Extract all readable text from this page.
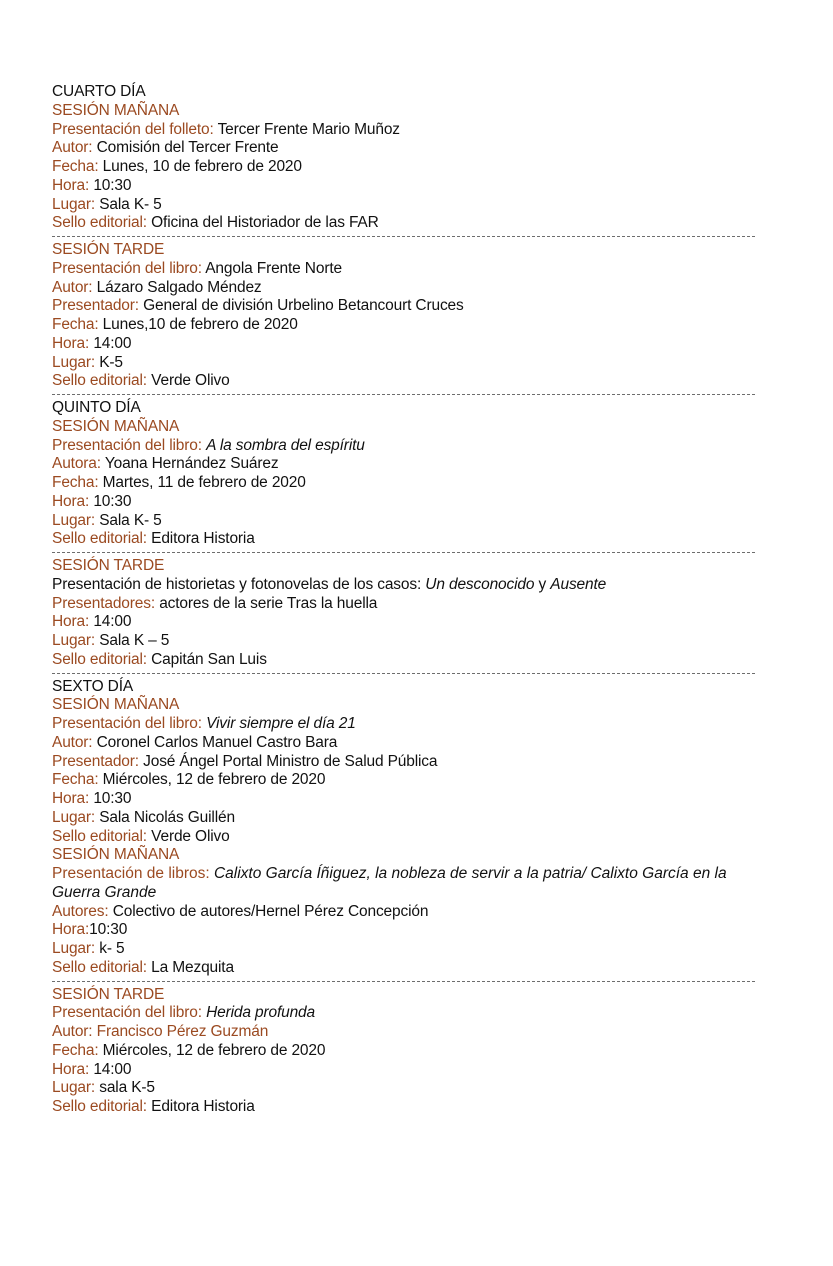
CUARTO DÍA
SESIÓN MAÑANA
Presentación del folleto: Tercer Frente Mario Muñoz
Autor: Comisión del Tercer Frente
Fecha: Lunes, 10 de febrero de 2020
Hora: 10:30
Lugar: Sala K- 5
Sello editorial: Oficina del Historiador de las FAR
SESIÓN TARDE
Presentación del libro: Angola Frente Norte
Autor: Lázaro Salgado Méndez
Presentador: General de división Urbelino Betancourt Cruces
Fecha: Lunes,10 de febrero de 2020
Hora: 14:00
Lugar: K-5
Sello editorial: Verde Olivo
QUINTO DÍA
SESIÓN MAÑANA
Presentación del libro: A la sombra del espíritu
Autora: Yoana Hernández Suárez
Fecha: Martes, 11 de febrero de 2020
Hora: 10:30
Lugar: Sala K- 5
Sello editorial: Editora Historia
SESIÓN TARDE
Presentación de historietas y fotonovelas de los casos: Un desconocido y Ausente
Presentadores: actores de la serie Tras la huella
Hora: 14:00
Lugar: Sala K – 5
Sello editorial: Capitán San Luis
SEXTO DÍA
SESIÓN MAÑANA
Presentación del libro: Vivir siempre el día 21
Autor: Coronel Carlos Manuel Castro Bara
Presentador: José Ángel Portal Ministro de Salud Pública
Fecha: Miércoles, 12 de febrero de 2020
Hora: 10:30
Lugar: Sala Nicolás Guillén
Sello editorial: Verde Olivo
SESIÓN MAÑANA
Presentación de libros: Calixto García Íñiguez, la nobleza de servir a la patria/ Calixto García en la Guerra Grande
Autores: Colectivo de autores/Hernel Pérez Concepción
Hora:10:30
Lugar: k- 5
Sello editorial: La Mezquita
SESIÓN TARDE
Presentación del libro: Herida profunda
Autor: Francisco Pérez Guzmán
Fecha: Miércoles, 12 de febrero de 2020
Hora: 14:00
Lugar: sala K-5
Sello editorial: Editora Historia
